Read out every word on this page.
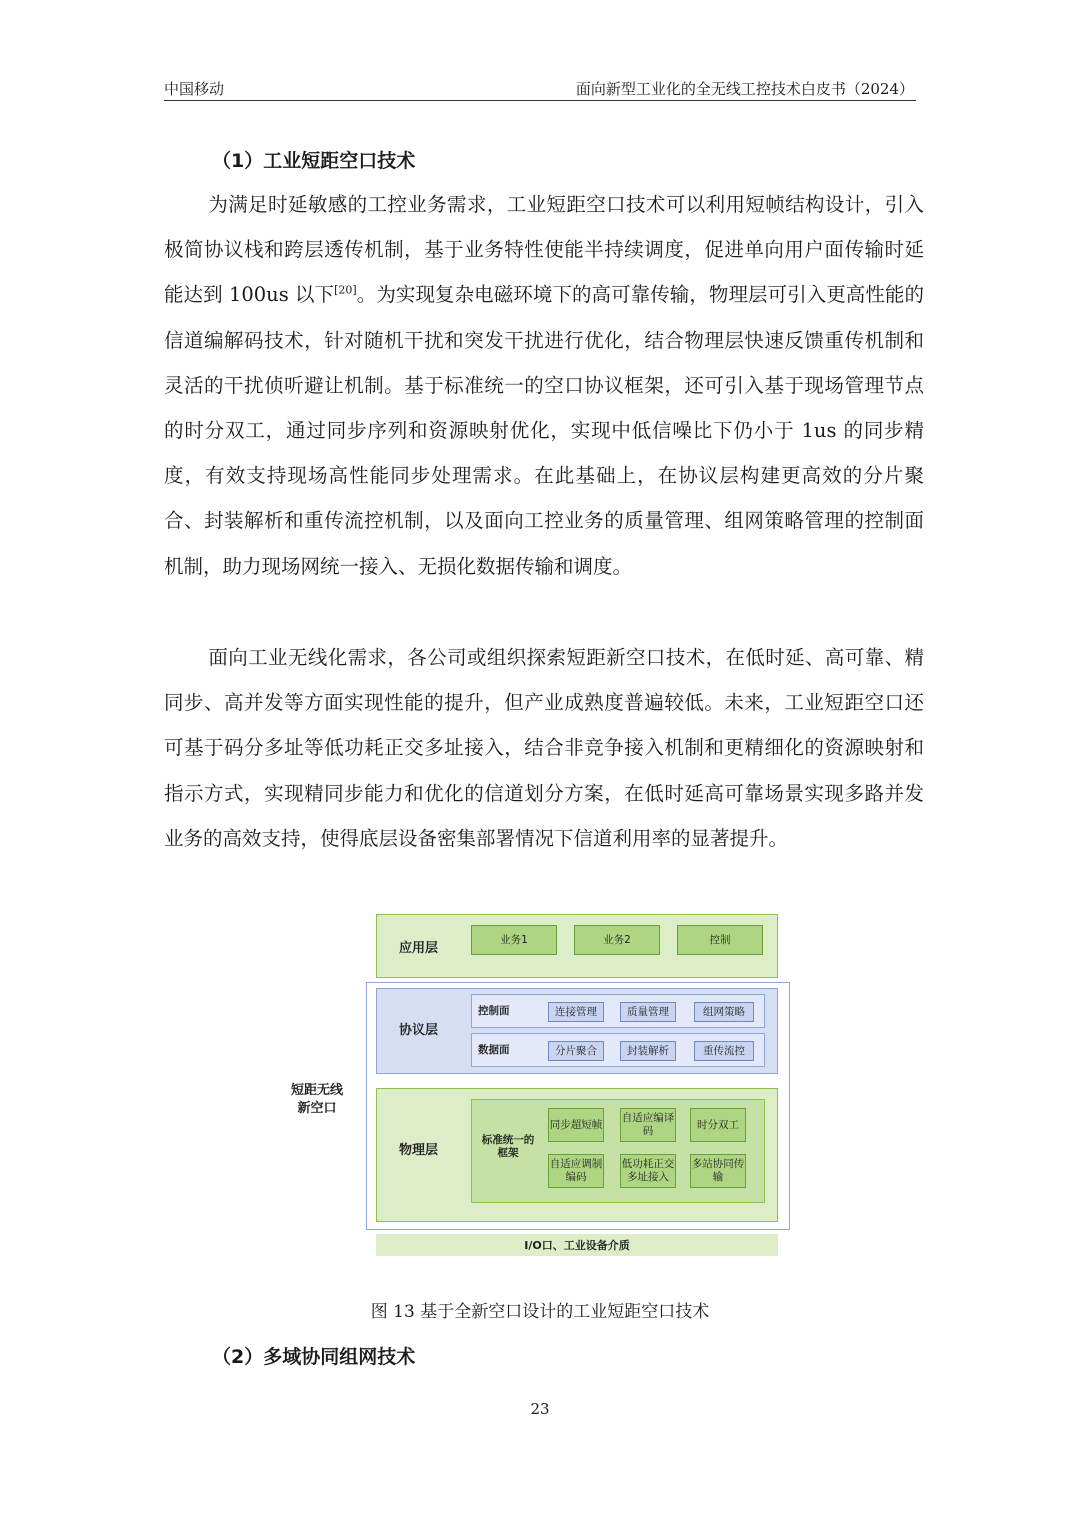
中国移动	面向新型工业化的全无线工控技术白皮书（2024）
（1）工业短距空口技术
为满足时延敏感的工控业务需求，工业短距空口技术可以利用短帧结构设计，引入极简协议栈和跨层透传机制，基于业务特性使能半持续调度，促进单向用户面传输时延能达到 100us 以下[20]。为实现复杂电磁环境下的高可靠传输，物理层可引入更高性能的信道编解码技术，针对随机干扰和突发干扰进行优化，结合物理层快速反馈重传机制和灵活的干扰侦听避让机制。基于标准统一的空口协议框架，还可引入基于现场管理节点的时分双工，通过同步序列和资源映射优化，实现中低信噪比下仍小于 1us 的同步精度，有效支持现场高性能同步处理需求。在此基础上，在协议层构建更高效的分片聚合、封装解析和重传流控机制，以及面向工控业务的质量管理、组网策略管理的控制面机制，助力现场网统一接入、无损化数据传输和调度。
面向工业无线化需求，各公司或组织探索短距新空口技术，在低时延、高可靠、精同步、高并发等方面实现性能的提升，但产业成熟度普遍较低。未来，工业短距空口还可基于码分多址等低功耗正交多址接入，结合非竞争接入机制和更精细化的资源映射和指示方式，实现精同步能力和优化的信道划分方案，在低时延高可靠场景实现多路并发业务的高效支持，使得底层设备密集部署情况下信道利用率的显著提升。
应用层
业务1	业务2	控制
协议层
控制面	连接管理	质量管理	组网策略
数据面	分片聚合	封装解析	重传流控
短距无线
新空口
物理层
标准统一的框架
同步超短帧
自适应编译码
时分双工
自适应调制编码
低功耗正交多址接入
多站协同传输
I/O口、工业设备介质
图 13 基于全新空口设计的工业短距空口技术
（2）多域协同组网技术
23
